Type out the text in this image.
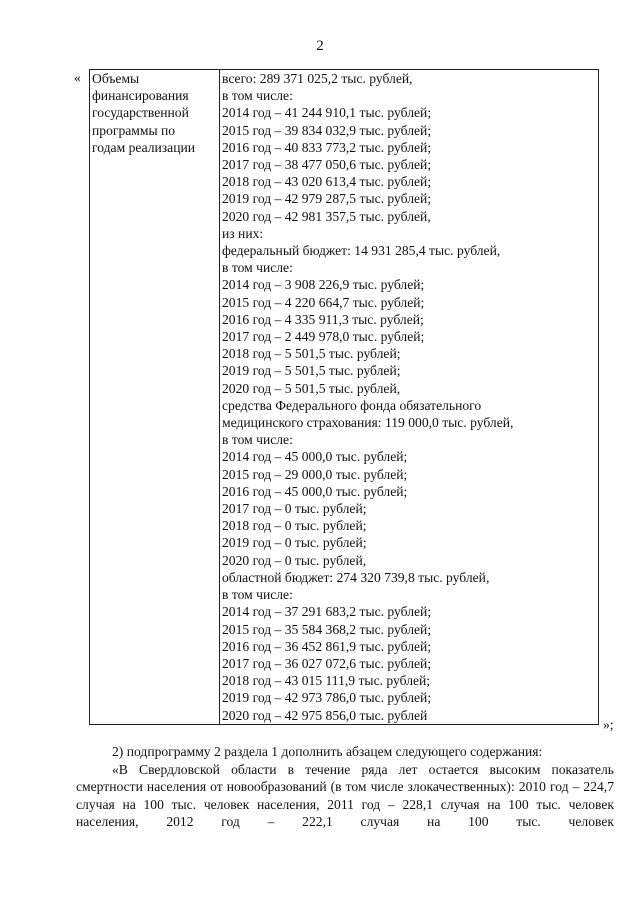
2
« Объемы
финансирования
государственной
программы по
годам реализации

всего: 289 371 025,2 тыс. рублей,
в том числе:
2014 год – 41 244 910,1 тыс. рублей;
2015 год – 39 834 032,9 тыс. рублей;
2016 год – 40 833 773,2 тыс. рублей;
2017 год – 38 477 050,6 тыс. рублей;
2018 год – 43 020 613,4 тыс. рублей;
2019 год – 42 979 287,5 тыс. рублей;
2020 год – 42 981 357,5 тыс. рублей,
из них:
федеральный бюджет: 14 931 285,4 тыс. рублей,
в том числе:
2014 год – 3 908 226,9 тыс. рублей;
2015 год – 4 220 664,7 тыс. рублей;
2016 год – 4 335 911,3 тыс. рублей;
2017 год – 2 449 978,0 тыс. рублей;
2018 год – 5 501,5 тыс. рублей;
2019 год – 5 501,5 тыс. рублей;
2020 год – 5 501,5 тыс. рублей,
средства Федерального фонда обязательного
медицинского страхования: 119 000,0 тыс. рублей,
в том числе:
2014 год – 45 000,0 тыс. рублей;
2015 год – 29 000,0 тыс. рублей;
2016 год – 45 000,0 тыс. рублей;
2017 год – 0 тыс. рублей;
2018 год – 0 тыс. рублей;
2019 год – 0 тыс. рублей;
2020 год – 0 тыс. рублей,
областной бюджет: 274 320 739,8 тыс. рублей,
в том числе:
2014 год – 37 291 683,2 тыс. рублей;
2015 год – 35 584 368,2 тыс. рублей;
2016 год – 36 452 861,9 тыс. рублей;
2017 год – 36 027 072,6 тыс. рублей;
2018 год – 43 015 111,9 тыс. рублей;
2019 год – 42 973 786,0 тыс. рублей;
2020 год – 42 975 856,0 тыс. рублей
»;
2) подпрограмму 2 раздела 1 дополнить абзацем следующего содержания:
«В Свердловской области в течение ряда лет остается высоким показатель смертности населения от новообразований (в том числе злокачественных): 2010 год – 224,7 случая на 100 тыс. человек населения, 2011 год – 228,1 случая на 100 тыс. человек населения, 2012 год – 222,1 случая на 100 тыс. человек
